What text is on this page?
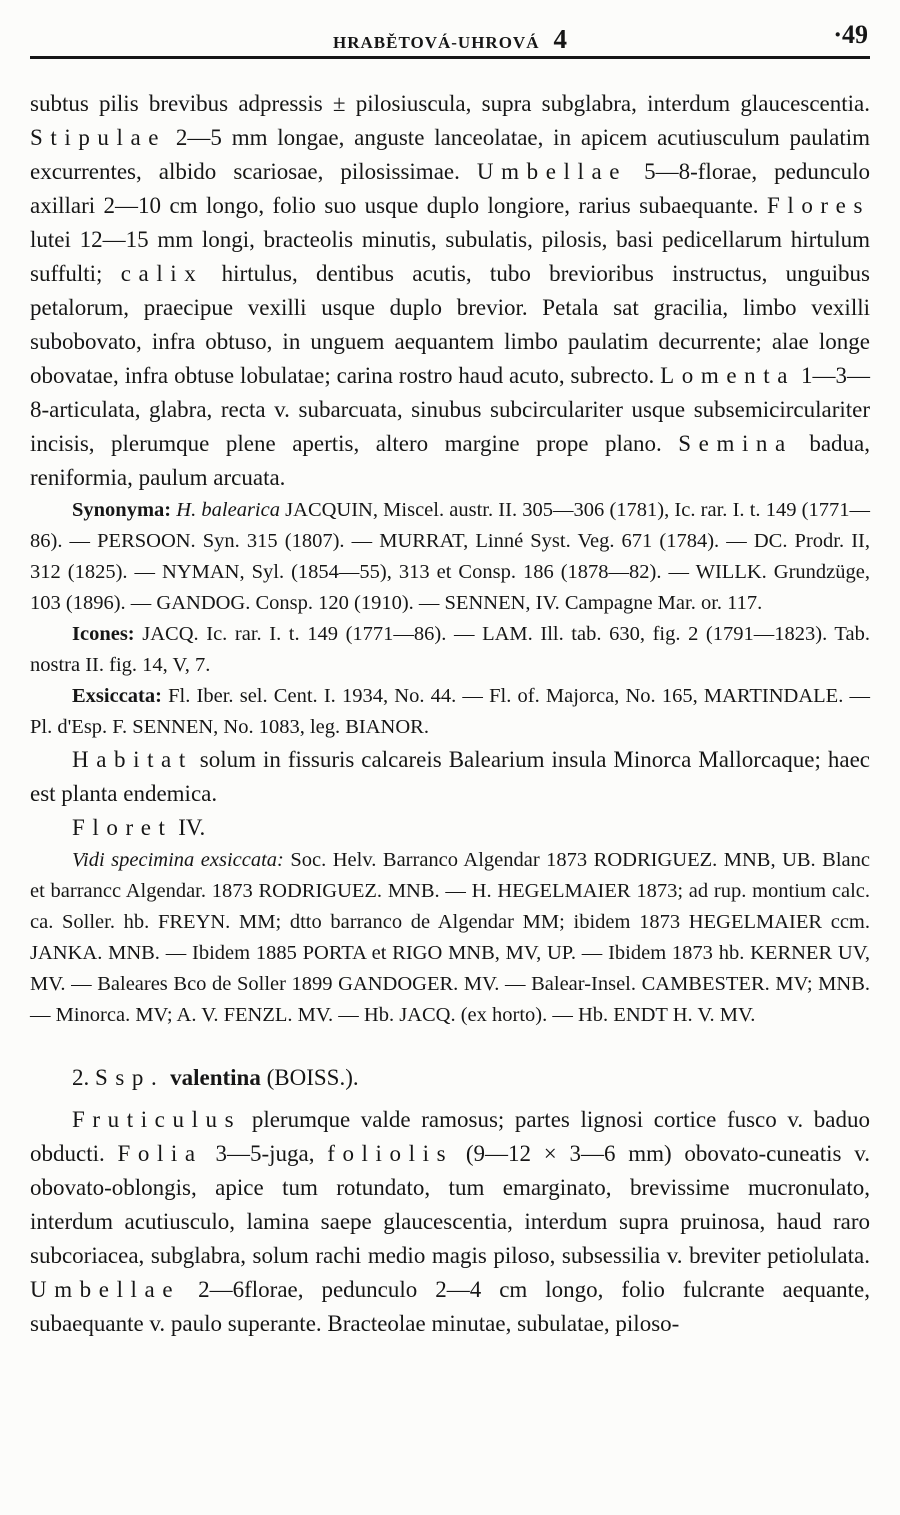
HRABĚTOVÁ-UHROVÁ 4	·49

subtus pilis brevibus adpressis ± pilosiuscula, supra subglabra, interdum glaucescentia. Stipulae 2—5 mm longae, anguste lanceolatae, in apicem acutiusculum paulatim excurrentes, albido scariosae, pilosissimae. Umbellae 5—8-florae, pedunculo axillari 2—10 cm longo, folio suo usque duplo longiore, rarius subaequante. Flores lutei 12—15 mm longi, bracteolis minutis, subulatis, pilosis, basi pedicellarum hirtulum suffulti; calix hirtulus, dentibus acutis, tubo brevioribus instructus, unguibus petalorum, praecipue vexilli usque duplo brevior. Petala sat gracilia, limbo vexilli subobovato, infra obtuso, in unguem aequantem limbo paulatim decurrente; alae longe obovatae, infra obtuse lobulatae; carina rostro haud acuto, subrecto. Lomenta 1—3—8-articulata, glabra, recta v. subarcuata, sinubus subcirculariter usque subsemicirculariter incisis, plerumque plene apertis, altero margine prope plano. Semina badua, reniformia, paulum arcuata.

Synonyma: H. balearica JACQUIN, Miscel. austr. II. 305—306 (1781), Ic. rar. I. t. 149 (1771—86). — PERSOON. Syn. 315 (1807). — MURRAT, Linné Syst. Veg. 671 (1784). — DC. Prodr. II, 312 (1825). — NYMAN, Syl. (1854—55), 313 et Consp. 186 (1878—82). — WILLK. Grundzüge, 103 (1896). — GANDOG. Consp. 120 (1910). — SENNEN, IV. Campagne Mar. or. 117.

Icones: JACQ. Ic. rar. I. t. 149 (1771—86). — LAM. Ill. tab. 630, fig. 2 (1791—1823). Tab. nostra II. fig. 14, V, 7.

Exsiccata: Fl. Iber. sel. Cent. I. 1934, No. 44. — Fl. of. Majorca, No. 165, MARTINDALE. — Pl. d'Esp. F. SENNEN, No. 1083, leg. BIANOR.

Habitat solum in fissuris calcareis Balearium insula Minorca Mallorcaque; haec est planta endemica.

Floret IV.

Vidi specimina exsiccata: Soc. Helv. Barranco Algendar 1873 RODRIGUEZ. MNB, UB. Blanc et barrancc Algendar. 1873 RODRIGUEZ. MNB. — H. HEGELMAIER 1873; ad rup. montium calc. ca. Soller. hb. FREYN. MM; dtto barranco de Algendar MM; ibidem 1873 HEGELMAIER ccm. JANKA. MNB. — Ibidem 1885 PORTA et RIGO MNB, MV, UP. — Ibidem 1873 hb. KERNER UV, MV. — Baleares Bco de Soller 1899 GANDOGER. MV. — Balear-Insel. CAMBESTER. MV; MNB. — Minorca. MV; A. V. FENZL. MV. — Hb. JACQ. (ex horto). — Hb. ENDT H. V. MV.

2. Ssp. valentina (BOISS.).

Fruticulus plerumque valde ramosus; partes lignosi cortice fusco v. baduo obducti. Folia 3—5-juga, foliolis (9—12 × 3—6 mm) obovato-cuneatis v. obovato-oblongis, apice tum rotundato, tum emarginato, brevissime mucronulato, interdum acutiusculo, lamina saepe glaucescentia, interdum supra pruinosa, haud raro subcoriacea, subglabra, solum rachi medio magis piloso, subsessilia v. breviter petiolulata. Umbellae 2—6florae, pedunculo 2—4 cm longo, folio fulcrante aequante, subaequante v. paulo superante. Bracteolae minutae, subulatae, piloso-
